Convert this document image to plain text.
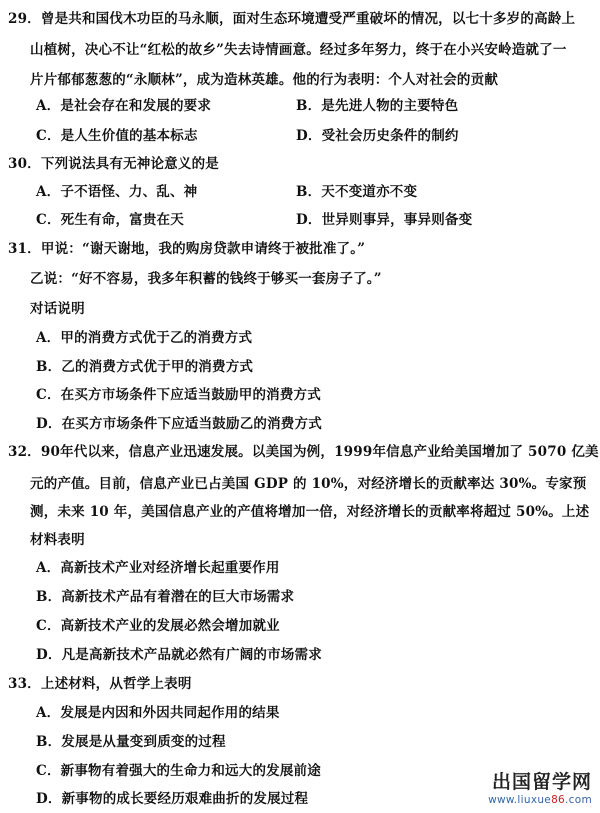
29．曾是共和国伐木功臣的马永顺，面对生态环境遭受严重破坏的情况，以七十多岁的高龄上
山植树，决心不让“红松的故乡”失去诗情画意。经过多年努力，终于在小兴安岭造就了一
片片郁郁葱葱的“永顺林”，成为造林英雄。他的行为表明：个人对社会的贡献
A．是社会存在和发展的要求	B．是先进人物的主要特色
C．是人生价值的基本标志	D．受社会历史条件的制约
30．下列说法具有无神论意义的是
A．子不语怪、力、乱、神	B．天不变道亦不变
C．死生有命，富贵在天	D．世异则事异，事异则备变
31．甲说：“谢天谢地，我的购房贷款申请终于被批准了。”
乙说：“好不容易，我多年积蓄的钱终于够买一套房子了。”
对话说明
A．甲的消费方式优于乙的消费方式
B．乙的消费方式优于甲的消费方式
C．在买方市场条件下应适当鼓励甲的消费方式
D．在买方市场条件下应适当鼓励乙的消费方式
32．90年代以来，信息产业迅速发展。以美国为例，1999年信息产业给美国增加了 5070 亿美
元的产值。目前，信息产业已占美国 GDP 的 10%，对经济增长的贡献率达 30%。专家预
测，未来 10 年，美国信息产业的产值将增加一倍，对经济增长的贡献率将超过 50%。上述
材料表明
A．高新技术产业对经济增长起重要作用
B．高新技术产品有着潜在的巨大市场需求
C．高新技术产业的发展必然会增加就业
D．凡是高新技术产品就必然有广阔的市场需求
33．上述材料，从哲学上表明
A．发展是内因和外因共同起作用的结果
B．发展是从量变到质变的过程
C．新事物有着强大的生命力和远大的发展前途
D．新事物的成长要经历艰难曲折的发展过程
出国留学网
www.liuxue86.com
